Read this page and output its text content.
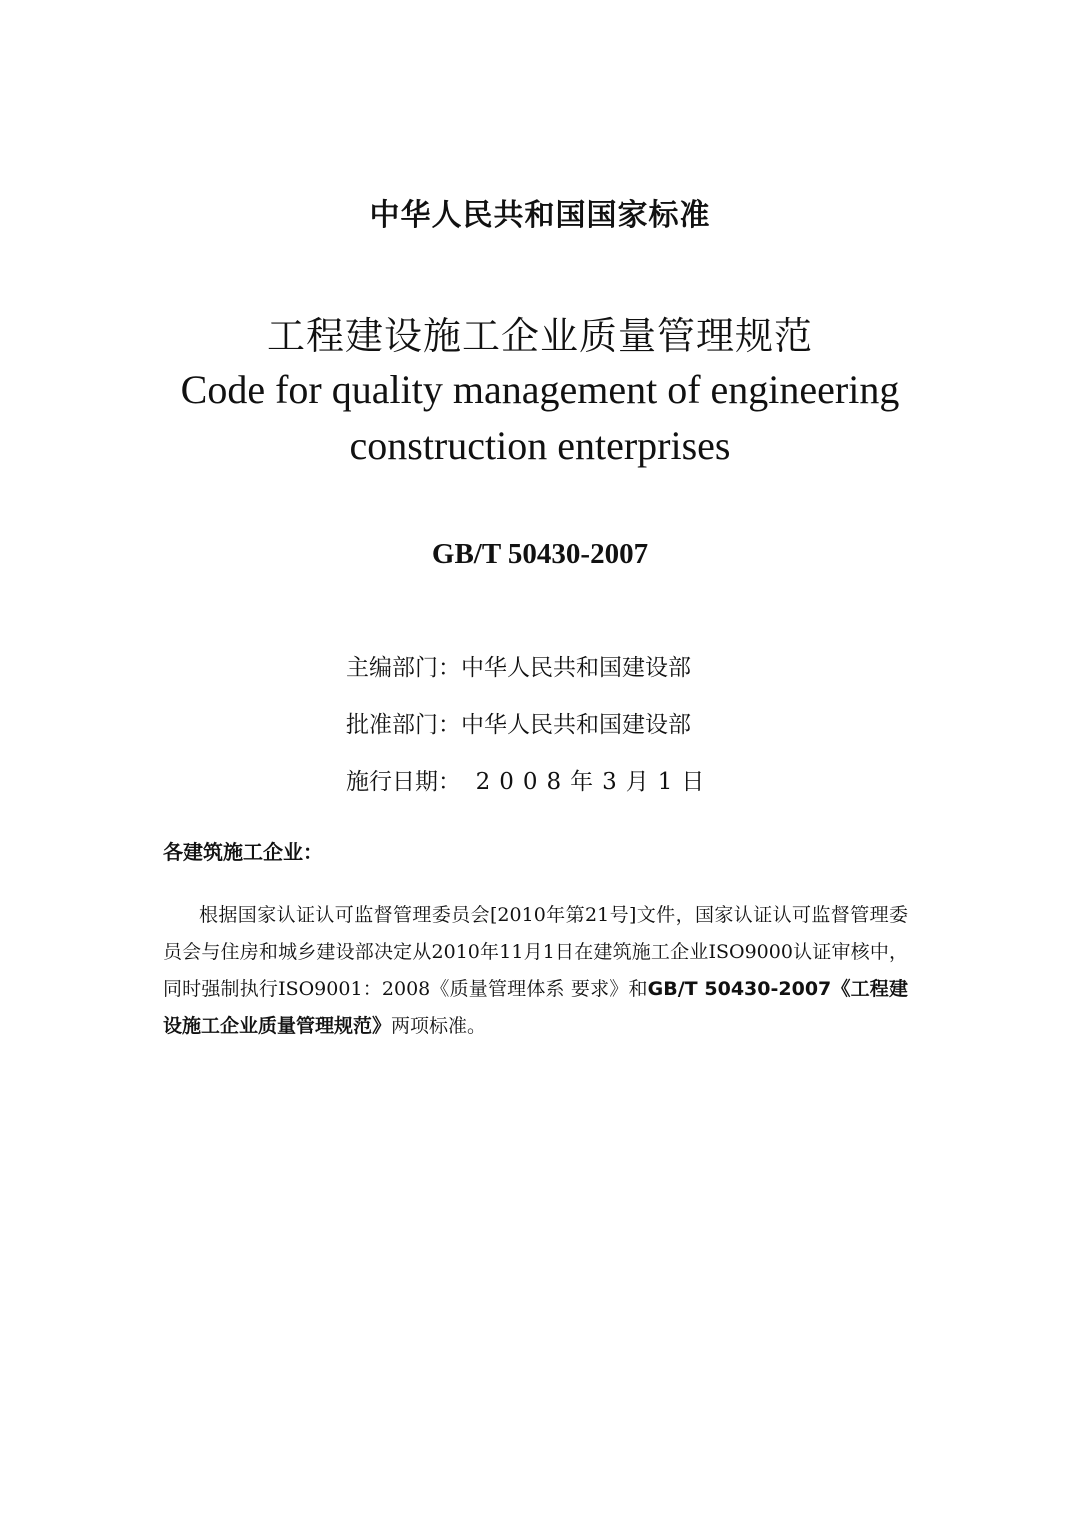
中华人民共和国国家标准
工程建设施工企业质量管理规范
Code for quality management of engineering
construction enterprises
GB/T 50430-2007
主编部门：中华人民共和国建设部
批准部门：中华人民共和国建设部
施行日期： 2008年3月1日
各建筑施工企业：
根据国家认证认可监督管理委员会[2010年第21号]文件，国家认证认可监督管理委员会与住房和城乡建设部决定从2010年11月1日在建筑施工企业ISO9000认证审核中，同时强制执行ISO9001：2008《质量管理体系 要求》和GB/T 50430-2007《工程建设施工企业质量管理规范》两项标准。
